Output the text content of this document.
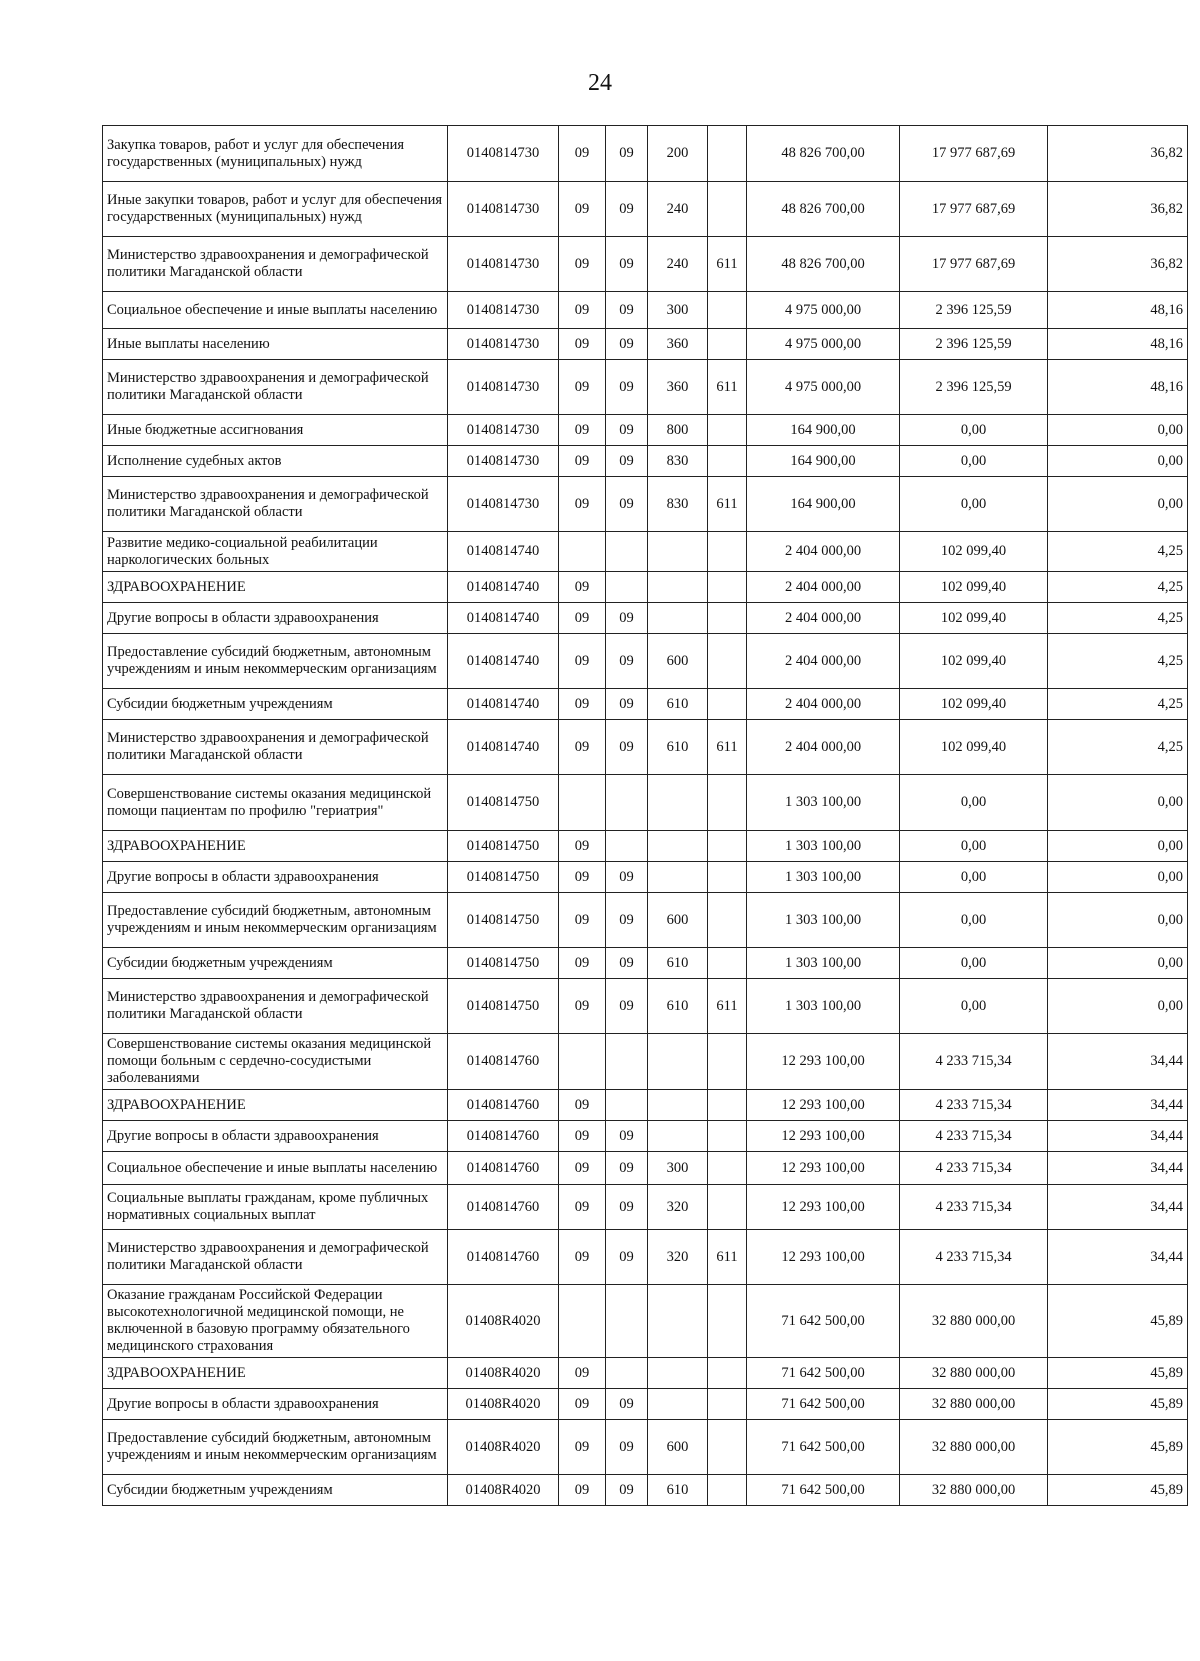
24
Закупка товаров, работ и услуг для обеспечения государственных (муниципальных) нужд	0140814730	09	09	200		48 826 700,00	17 977 687,69	36,82
Иные закупки товаров, работ и услуг для обеспечения государственных (муниципальных) нужд	0140814730	09	09	240		48 826 700,00	17 977 687,69	36,82
Министерство здравоохранения и демографической политики Магаданской области	0140814730	09	09	240	611	48 826 700,00	17 977 687,69	36,82
Социальное обеспечение и иные выплаты населению	0140814730	09	09	300		4 975 000,00	2 396 125,59	48,16
Иные выплаты населению	0140814730	09	09	360		4 975 000,00	2 396 125,59	48,16
Министерство здравоохранения и демографической политики Магаданской области	0140814730	09	09	360	611	4 975 000,00	2 396 125,59	48,16
Иные бюджетные ассигнования	0140814730	09	09	800		164 900,00	0,00	0,00
Исполнение судебных актов	0140814730	09	09	830		164 900,00	0,00	0,00
Министерство здравоохранения и демографической политики Магаданской области	0140814730	09	09	830	611	164 900,00	0,00	0,00
Развитие медико-социальной реабилитации наркологических больных	0140814740					2 404 000,00	102 099,40	4,25
ЗДРАВООХРАНЕНИЕ	0140814740	09				2 404 000,00	102 099,40	4,25
Другие вопросы в области здравоохранения	0140814740	09	09			2 404 000,00	102 099,40	4,25
Предоставление субсидий бюджетным, автономным учреждениям и иным некоммерческим организациям	0140814740	09	09	600		2 404 000,00	102 099,40	4,25
Субсидии бюджетным учреждениям	0140814740	09	09	610		2 404 000,00	102 099,40	4,25
Министерство здравоохранения и демографической политики Магаданской области	0140814740	09	09	610	611	2 404 000,00	102 099,40	4,25
Совершенствование системы оказания медицинской помощи пациентам по профилю "гериатрия"	0140814750					1 303 100,00	0,00	0,00
ЗДРАВООХРАНЕНИЕ	0140814750	09				1 303 100,00	0,00	0,00
Другие вопросы в области здравоохранения	0140814750	09	09			1 303 100,00	0,00	0,00
Предоставление субсидий бюджетным, автономным учреждениям и иным некоммерческим организациям	0140814750	09	09	600		1 303 100,00	0,00	0,00
Субсидии бюджетным учреждениям	0140814750	09	09	610		1 303 100,00	0,00	0,00
Министерство здравоохранения и демографической политики Магаданской области	0140814750	09	09	610	611	1 303 100,00	0,00	0,00
Совершенствование системы оказания медицинской помощи больным с сердечно-сосудистыми заболеваниями	0140814760					12 293 100,00	4 233 715,34	34,44
ЗДРАВООХРАНЕНИЕ	0140814760	09				12 293 100,00	4 233 715,34	34,44
Другие вопросы в области здравоохранения	0140814760	09	09			12 293 100,00	4 233 715,34	34,44
Социальное обеспечение и иные выплаты населению	0140814760	09	09	300		12 293 100,00	4 233 715,34	34,44
Социальные выплаты гражданам, кроме публичных нормативных социальных выплат	0140814760	09	09	320		12 293 100,00	4 233 715,34	34,44
Министерство здравоохранения и демографической политики Магаданской области	0140814760	09	09	320	611	12 293 100,00	4 233 715,34	34,44
Оказание гражданам Российской Федерации высокотехнологичной медицинской помощи, не включенной в базовую программу обязательного медицинского страхования	01408R4020					71 642 500,00	32 880 000,00	45,89
ЗДРАВООХРАНЕНИЕ	01408R4020	09				71 642 500,00	32 880 000,00	45,89
Другие вопросы в области здравоохранения	01408R4020	09	09			71 642 500,00	32 880 000,00	45,89
Предоставление субсидий бюджетным, автономным учреждениям и иным некоммерческим организациям	01408R4020	09	09	600		71 642 500,00	32 880 000,00	45,89
Субсидии бюджетным учреждениям	01408R4020	09	09	610		71 642 500,00	32 880 000,00	45,89
